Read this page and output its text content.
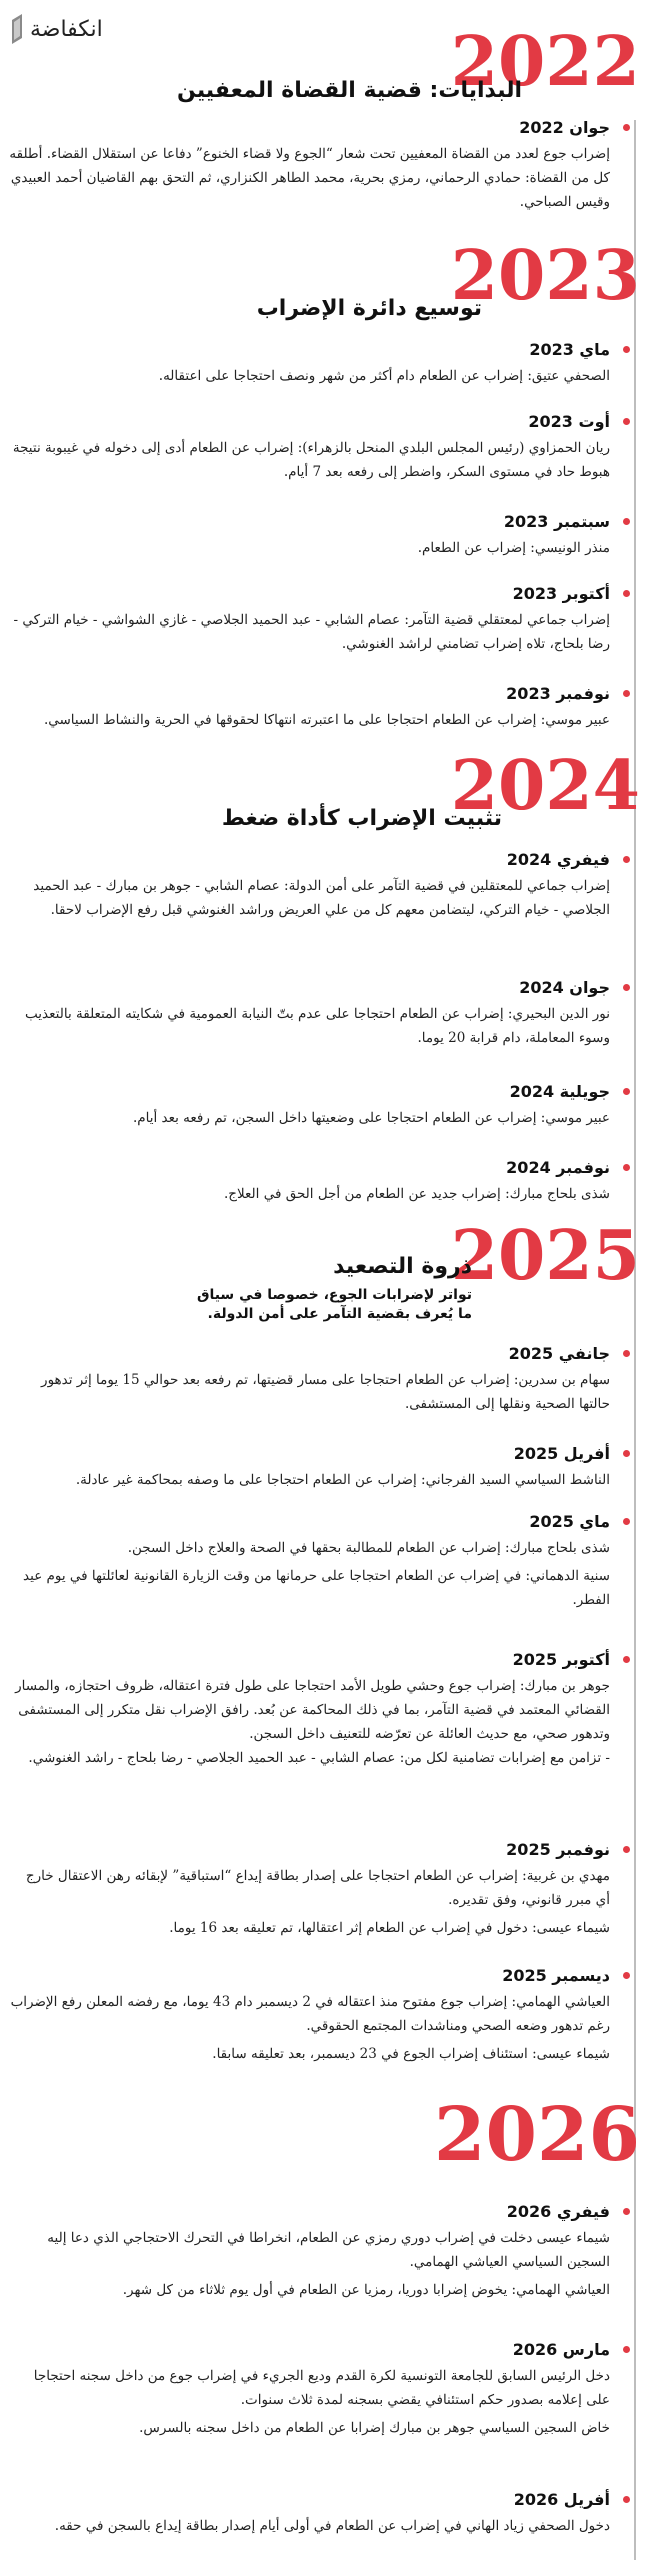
انكفاضة	2022
البدايات: قضية القضاة المعفيين
جوان 2022

إضراب جوع لعدد من القضاة المعفيين تحت شعار “الجوع ولا قضاء الخنوع” دفاعا عن استقلال القضاء. أطلقه كل من القضاة: حمادي الرحماني، رمزي بحرية، محمد الطاهر الكنزاري، ثم التحق بهم القاضيان أحمد العبيدي وقيس الصباحي.

2023
توسيع دائرة الإضراب
ماي 2023

الصحفي عتيق: إضراب عن الطعام دام أكثر من شهر ونصف احتجاجا على اعتقاله.

أوت 2023

ريان الحمزاوي (رئيس المجلس البلدي المنحل بالزهراء): إضراب عن الطعام أدى إلى دخوله في غيبوبة نتيجة هبوط حاد في مستوى السكر، واضطر إلى رفعه بعد 7 أيام.

سبتمبر 2023

منذر الونيسي: إضراب عن الطعام.

أكتوبر 2023

إضراب جماعي لمعتقلي قضية التآمر: عصام الشابي - عبد الحميد الجلاصي - غازي الشواشي - خيام التركي - رضا بلحاج، تلاه إضراب تضامني لراشد الغنوشي.

نوفمبر 2023

عبير موسي: إضراب عن الطعام احتجاجا على ما اعتبرته انتهاكا لحقوقها في الحرية والنشاط السياسي.

2024
تثبيت الإضراب كأداة ضغط
فيفري 2024

إضراب جماعي للمعتقلين في قضية التآمر على أمن الدولة: عصام الشابي - جوهر بن مبارك - عبد الحميد الجلاصي - خيام التركي، ليتضامن معهم كل من علي العريض وراشد الغنوشي قبل رفع الإضراب لاحقا.

جوان 2024

نور الدين البحيري: إضراب عن الطعام احتجاجا على عدم بتّ النيابة العمومية في شكايته المتعلقة بالتعذيب وسوء المعاملة، دام قرابة 20 يوما.

جويلية 2024

عبير موسي: إضراب عن الطعام احتجاجا على وضعيتها داخل السجن، تم رفعه بعد أيام.

نوفمبر 2024

شذى بلحاج مبارك: إضراب جديد عن الطعام من أجل الحق في العلاج.

2025
ذروة التصعيد
تواتر لإضرابات الجوع، خصوصا في سياق ما يُعرف بقضية التآمر على أمن الدولة.
جانفي 2025

سهام بن سدرين: إضراب عن الطعام احتجاجا على مسار قضيتها، تم رفعه بعد حوالي 15 يوما إثر تدهور حالتها الصحية ونقلها إلى المستشفى.

أفريل 2025

الناشط السياسي السيد الفرجاني: إضراب عن الطعام احتجاجا على ما وصفه بمحاكمة غير عادلة.

ماي 2025

شذى بلحاج مبارك: إضراب عن الطعام للمطالبة بحقها في الصحة والعلاج داخل السجن.

سنية الدهماني: في إضراب عن الطعام احتجاجا على حرمانها من وقت الزيارة القانونية لعائلتها في يوم عيد الفطر.

أكتوبر 2025

جوهر بن مبارك: إضراب جوع وحشي طويل الأمد احتجاجا على طول فترة اعتقاله، ظروف احتجازه، والمسار القضائي المعتمد في قضية التآمر، بما في ذلك المحاكمة عن بُعد. رافق الإضراب نقل متكرر إلى المستشفى وتدهور صحي، مع حديث العائلة عن تعرّضه للتعنيف داخل السجن.

- تزامن مع إضرابات تضامنية لكل من: عصام الشابي - عبد الحميد الجلاصي - رضا بلحاج - راشد الغنوشي.

نوفمبر 2025

مهدي بن غربية: إضراب عن الطعام احتجاجا على إصدار بطاقة إيداع “استباقية” لإبقائه رهن الاعتقال خارج أي مبرر قانوني، وفق تقديره.

شيماء عيسى: دخول في إضراب عن الطعام إثر اعتقالها، تم تعليقه بعد 16 يوما.

ديسمبر 2025

العياشي الهمامي: إضراب جوع مفتوح منذ اعتقاله في 2 ديسمبر دام 43 يوما، مع رفضه المعلن رفع الإضراب رغم تدهور وضعه الصحي ومناشدات المجتمع الحقوقي.

شيماء عيسى: استئناف إضراب الجوع في 23 ديسمبر، بعد تعليقه سابقا.

2026
فيفري 2026

شيماء عيسى دخلت في إضراب دوري رمزي عن الطعام، انخراطا في التحرك الاحتجاجي الذي دعا إليه السجين السياسي العياشي الهمامي.

العياشي الهمامي: يخوض إضرابا دوريا، رمزيا عن الطعام في أول يوم ثلاثاء من كل شهر.

مارس 2026

دخل الرئيس السابق للجامعة التونسية لكرة القدم وديع الجريء في إضراب جوع من داخل سجنه احتجاجا على إعلامه بصدور حكم استئنافي يقضي بسجنه لمدة ثلاث سنوات.

خاض السجين السياسي جوهر بن مبارك إضرابا عن الطعام من داخل سجنه بالسرس.

أفريل 2026

دخول الصحفي زياد الهاني في إضراب عن الطعام في أولى أيام إصدار بطاقة إيداع بالسجن في حقه.
